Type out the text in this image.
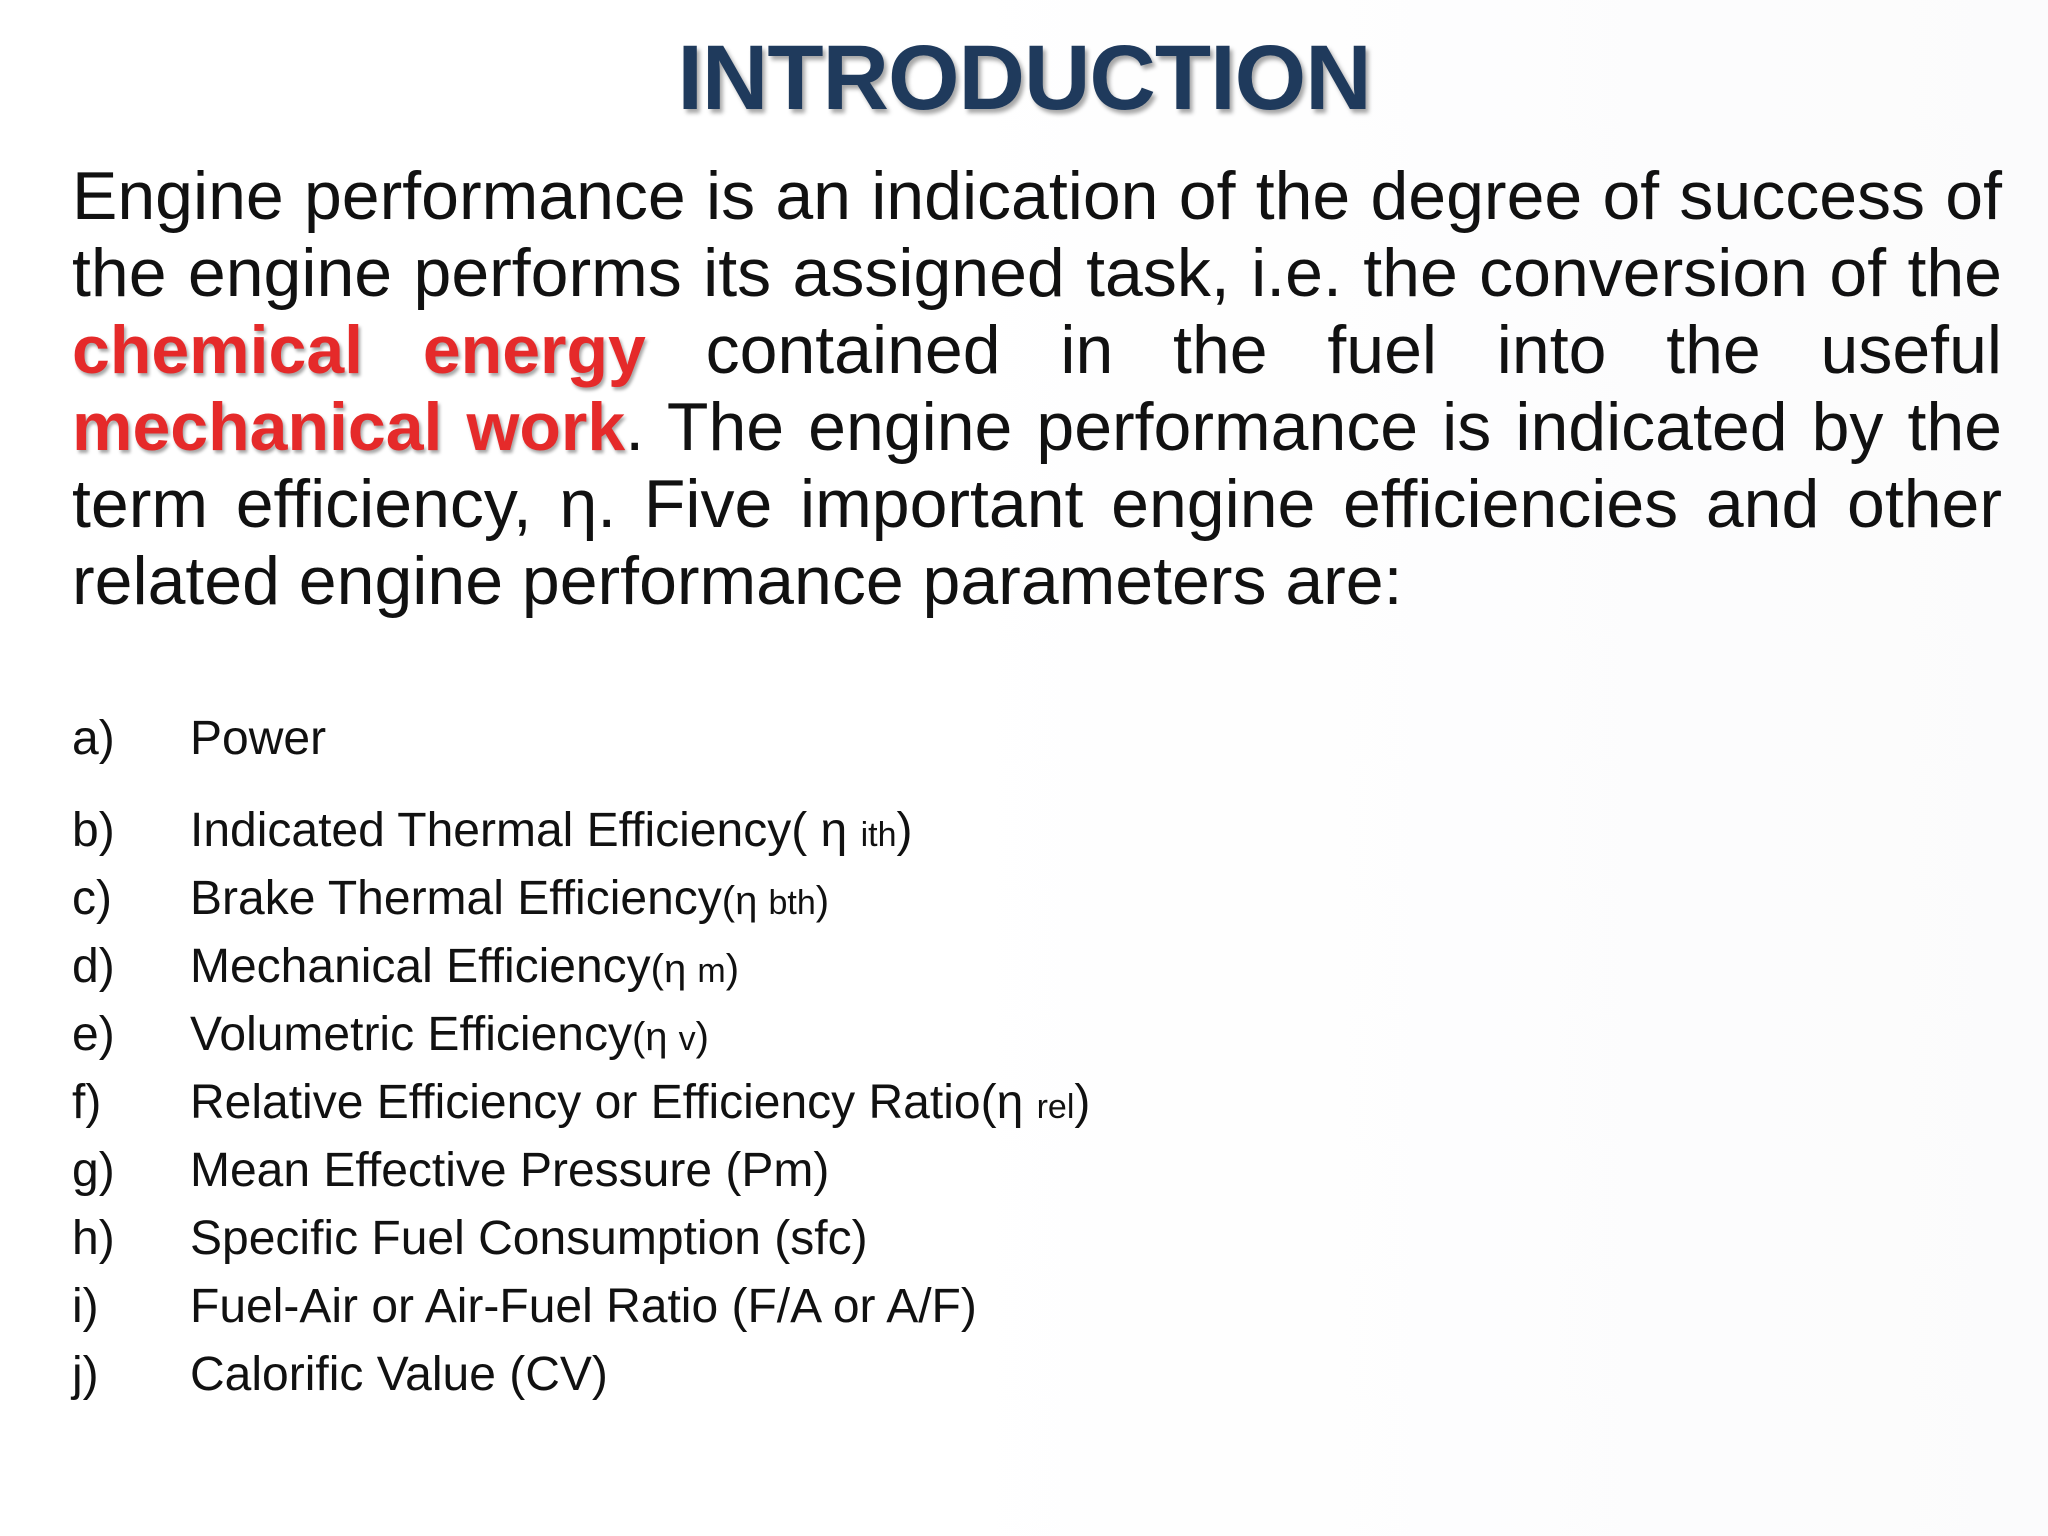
INTRODUCTION
Engine performance is an indication of the degree of success of the engine performs its assigned task, i.e. the conversion of the chemical energy contained in the fuel into the useful mechanical work. The engine performance is indicated by the term efficiency, η. Five important engine efficiencies and other related engine performance parameters are:
a) Power
b) Indicated Thermal Efficiency( η ith)
c) Brake Thermal Efficiency(η bth)
d) Mechanical Efficiency(η m)
e) Volumetric Efficiency(η v)
f) Relative Efficiency or Efficiency Ratio(η rel)
g) Mean Effective Pressure (Pm)
h) Specific Fuel Consumption (sfc)
i) Fuel-Air or Air-Fuel Ratio (F/A or A/F)
j) Calorific Value (CV)
